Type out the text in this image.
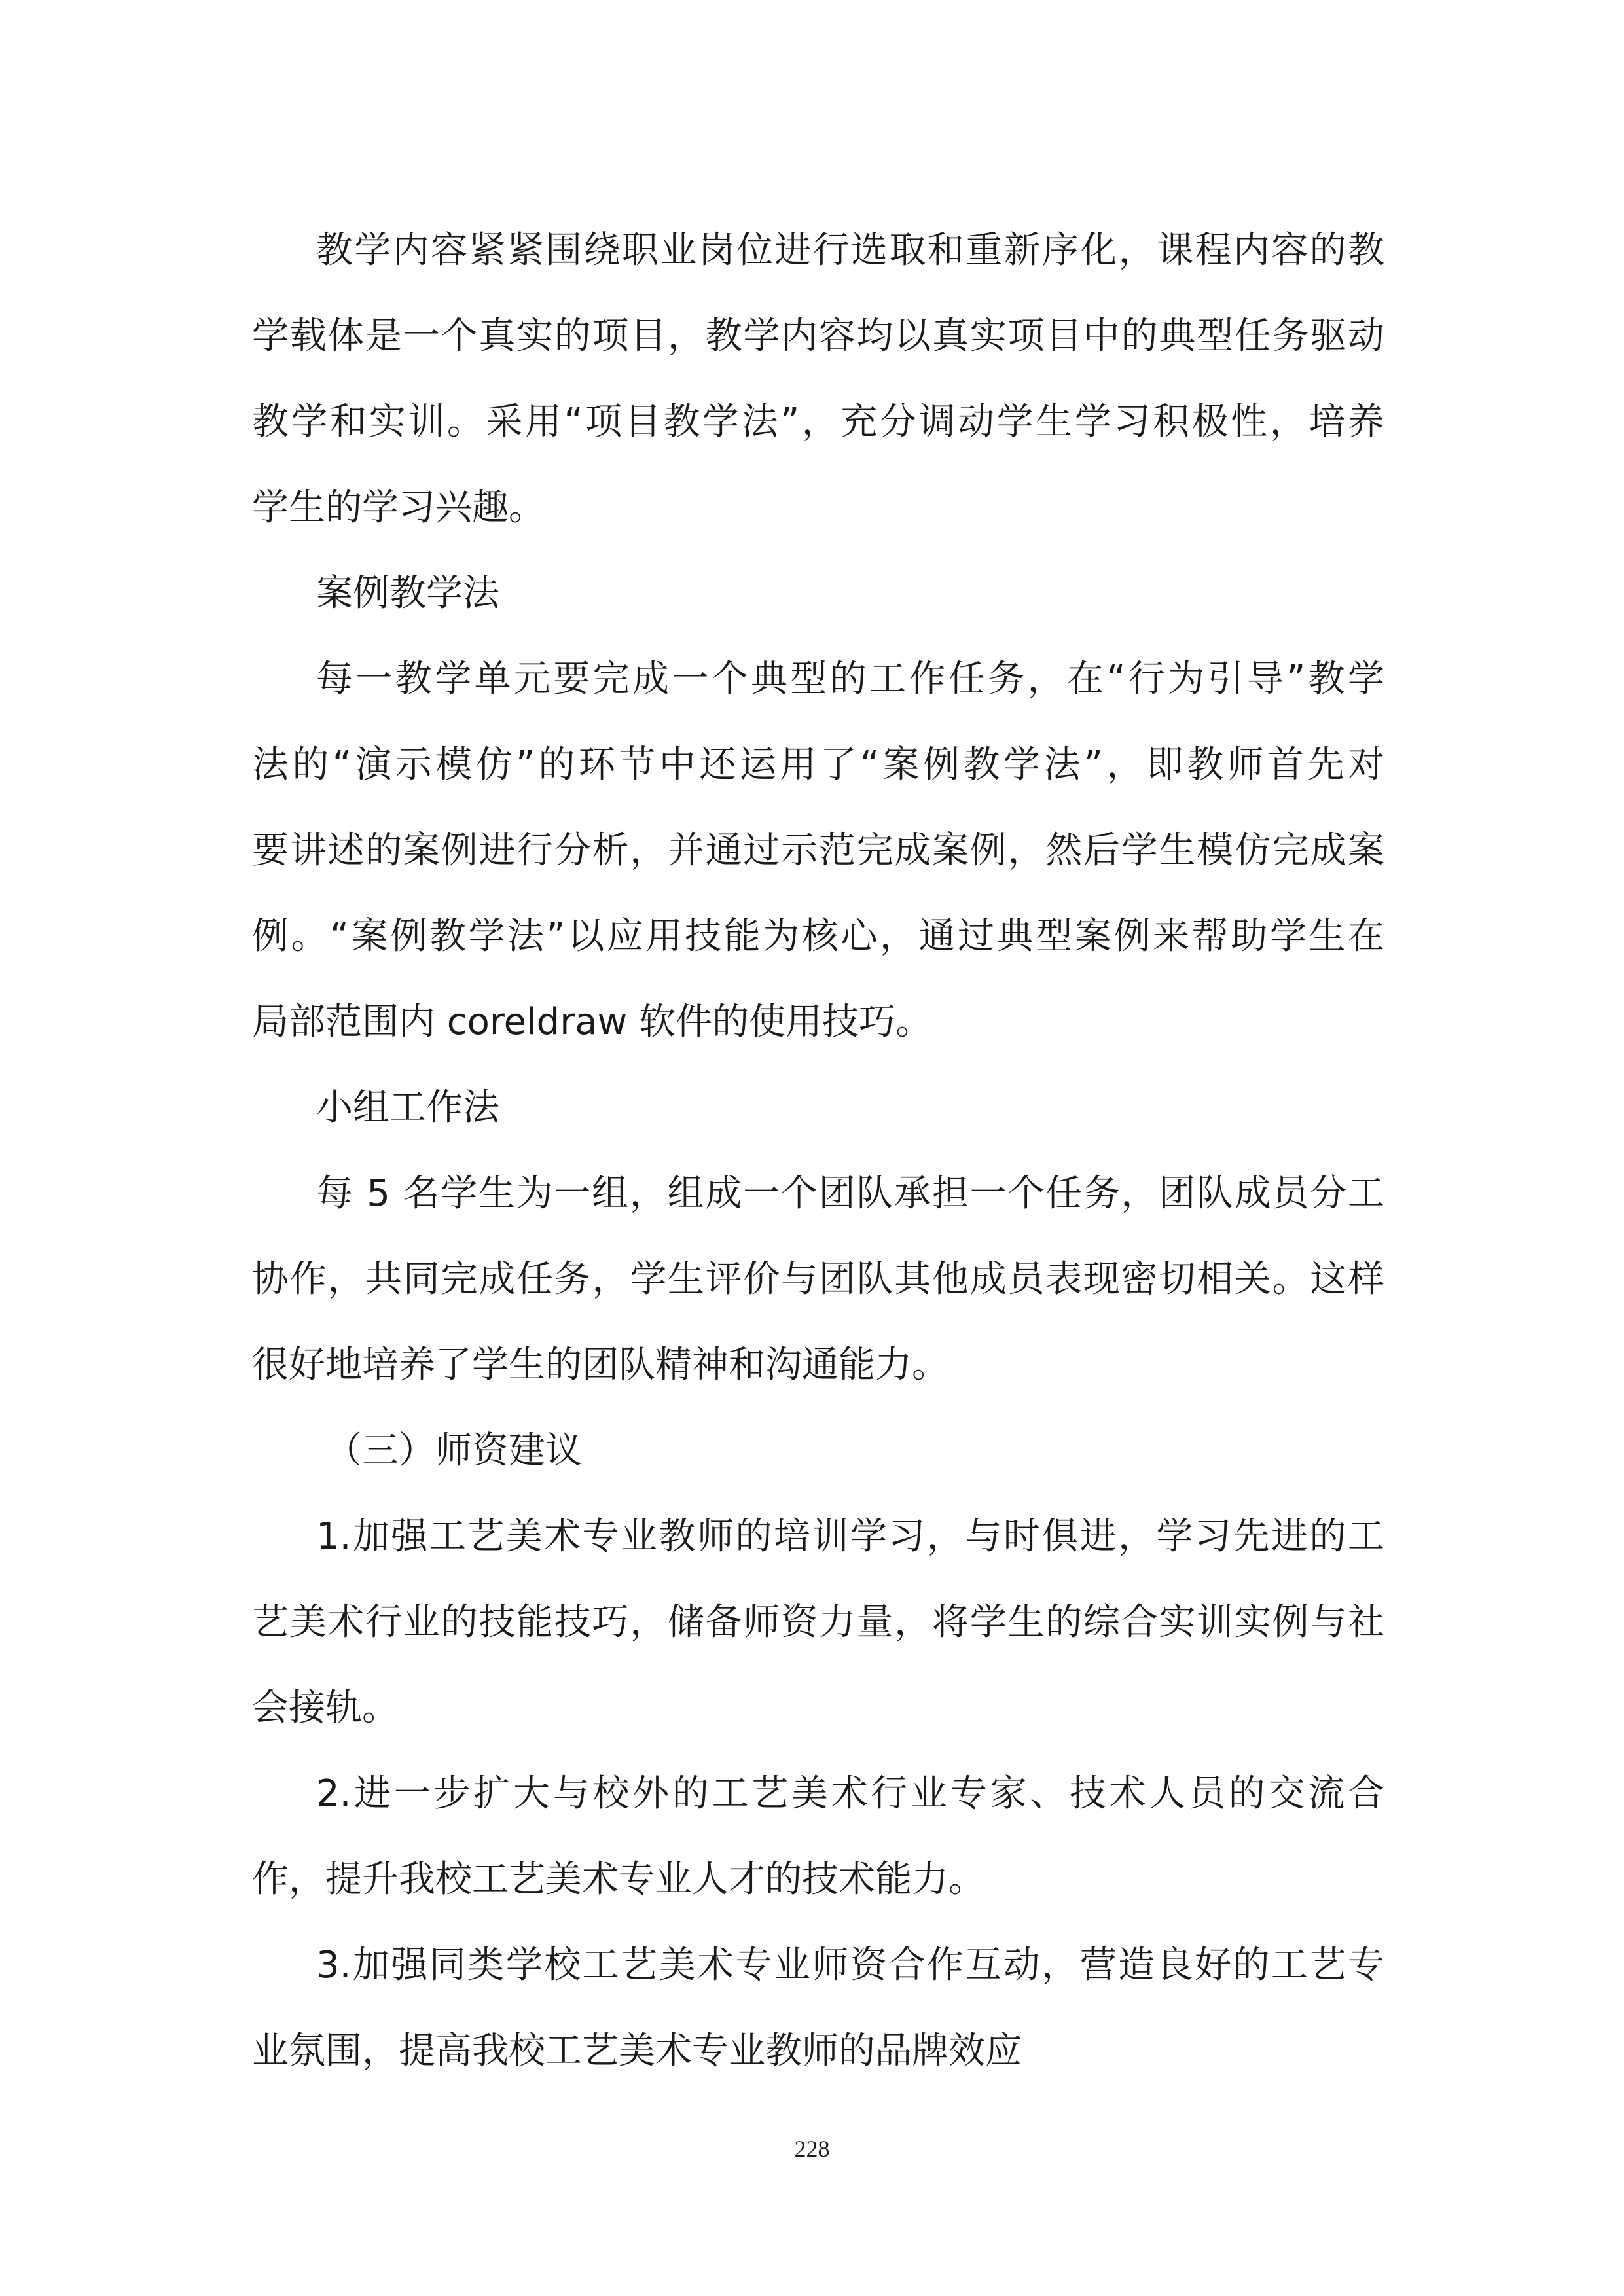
教学内容紧紧围绕职业岗位进行选取和重新序化，课程内容的教
学载体是一个真实的项目，教学内容均以真实项目中的典型任务驱动
教学和实训。采用“项目教学法”，充分调动学生学习积极性，培养
学生的学习兴趣。
案例教学法
每一教学单元要完成一个典型的工作任务，在“行为引导”教学
法的“演示模仿”的环节中还运用了“案例教学法”，即教师首先对
要讲述的案例进行分析，并通过示范完成案例，然后学生模仿完成案
例。“案例教学法”以应用技能为核心，通过典型案例来帮助学生在
局部范围内 coreldraw 软件的使用技巧。
小组工作法
每 5 名学生为一组，组成一个团队承担一个任务，团队成员分工
协作，共同完成任务，学生评价与团队其他成员表现密切相关。这样
很好地培养了学生的团队精神和沟通能力。
（三）师资建议
1.加强工艺美术专业教师的培训学习，与时俱进，学习先进的工
艺美术行业的技能技巧，储备师资力量，将学生的综合实训实例与社
会接轨。
2.进一步扩大与校外的工艺美术行业专家、技术人员的交流合
作，提升我校工艺美术专业人才的技术能力。
3.加强同类学校工艺美术专业师资合作互动，营造良好的工艺专
业氛围，提高我校工艺美术专业教师的品牌效应
228
